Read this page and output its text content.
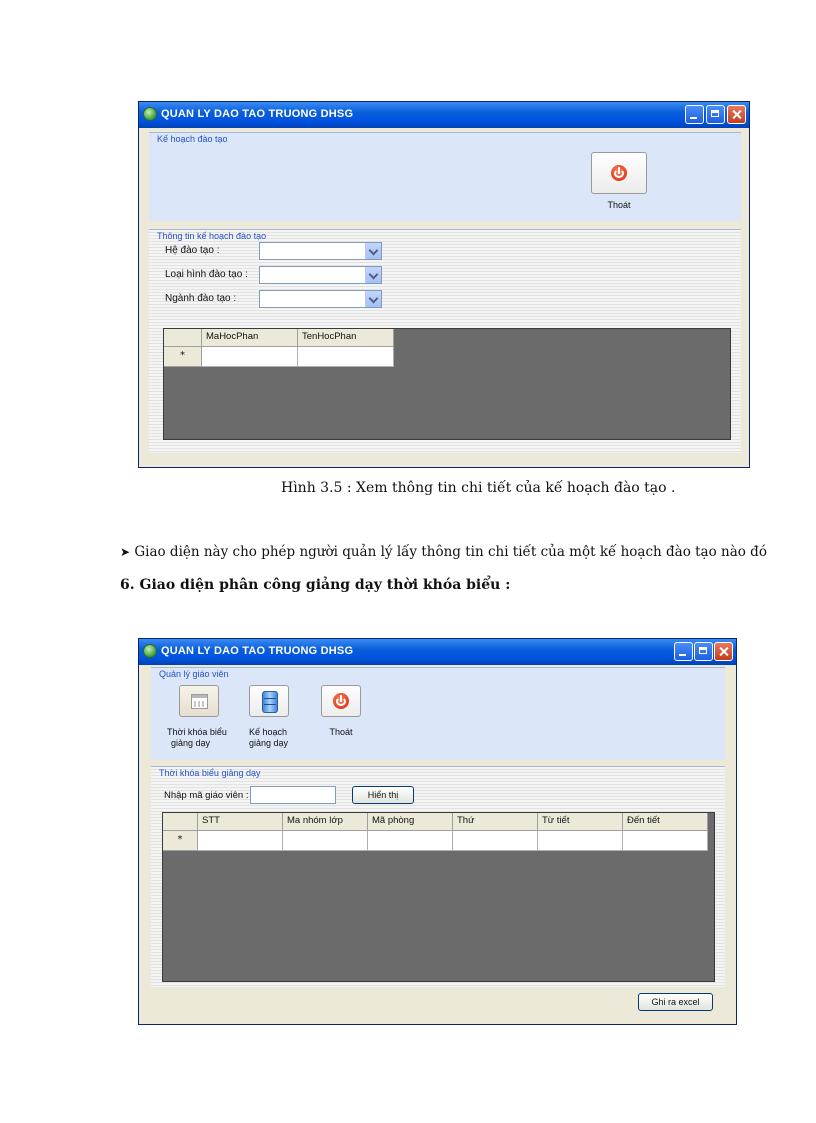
QUAN LY DAO TAO TRUONG DHSG
Kế hoạch đào tạo
Thoát
Thông tin kế hoạch đào tạo
Hệ đào tạo :
Loại hình đào tạo :
Ngành đào tạo :
MaHocPhan	TenHocPhan
*
Hình 3.5 : Xem thông tin chi tiết của kế hoạch đào tạo .
➤ Giao diện này cho phép người quản lý lấy thông tin chi tiết của một kế hoạch đào tạo nào đó
6. Giao diện phân công giảng dạy thời khóa biểu :
QUAN LY DAO TAO TRUONG DHSG
Quản lý giáo viên
Thời khóa biểu
giảng dạy
Kế hoạch
giảng dạy
Thoát
Thời khóa biểu giảng dạy
Nhập mã giáo viên :	Hiển thị
STT	Ma nhóm lớp	Mã phòng	Thứ	Từ tiết	Đến tiết
*
Ghi ra excel
